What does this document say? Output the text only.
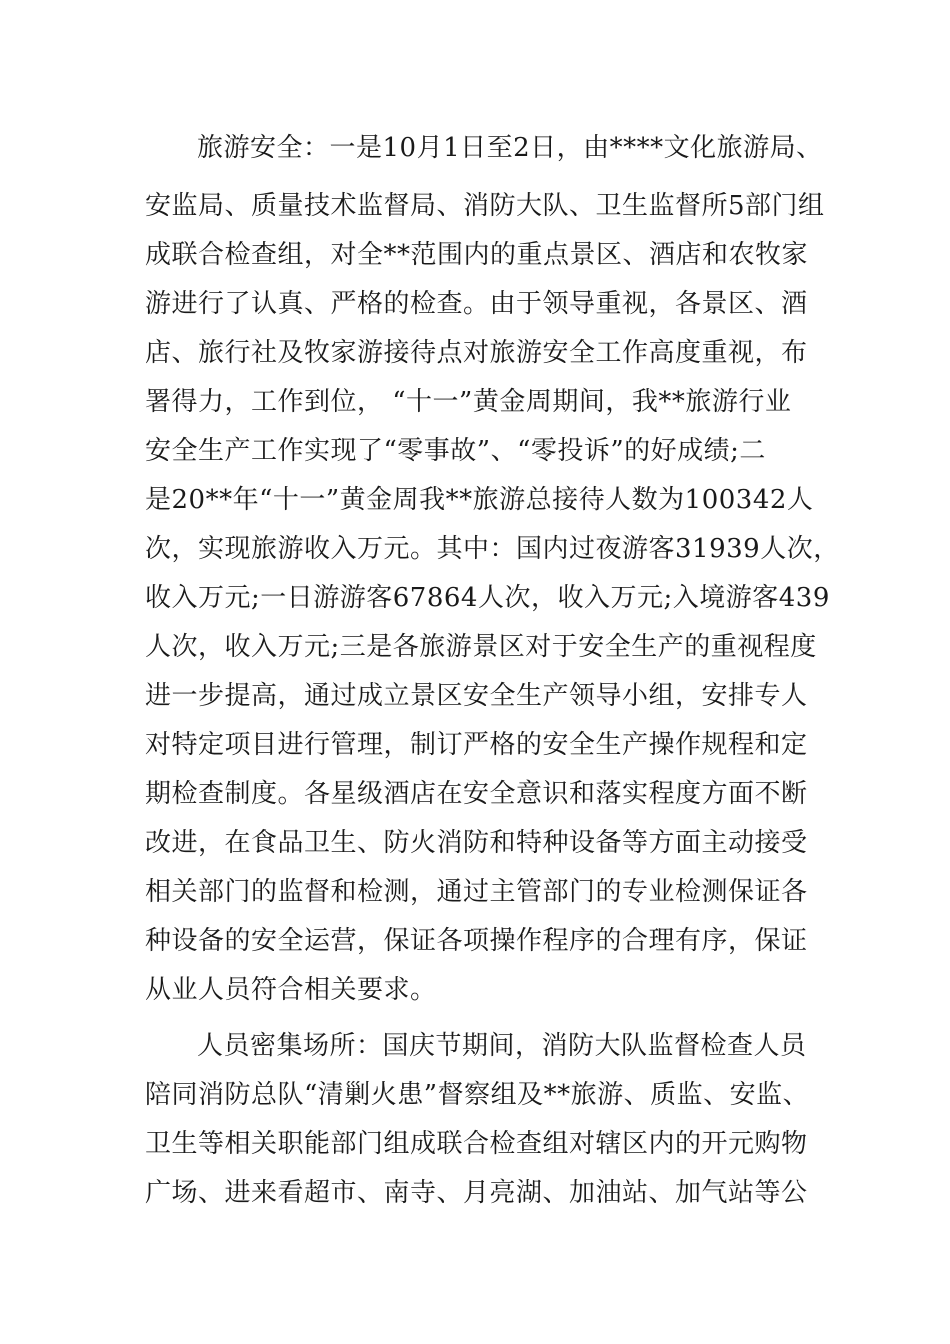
旅游安全：一是10月1日至2日，由****文化旅游局、
安监局、质量技术监督局、消防大队、卫生监督所5部门组
成联合检查组，对全**范围内的重点景区、酒店和农牧家
游进行了认真、严格的检查。由于领导重视，各景区、酒
店、旅行社及牧家游接待点对旅游安全工作高度重视，布
署得力，工作到位， “十一”黄金周期间，我**旅游行业
安全生产工作实现了“零事故”、“零投诉”的好成绩;二
是20**年“十一”黄金周我**旅游总接待人数为100342人
次，实现旅游收入万元。其中：国内过夜游客31939人次，
收入万元;一日游游客67864人次，收入万元;入境游客439
人次，收入万元;三是各旅游景区对于安全生产的重视程度
进一步提高，通过成立景区安全生产领导小组，安排专人
对特定项目进行管理，制订严格的安全生产操作规程和定
期检查制度。各星级酒店在安全意识和落实程度方面不断
改进，在食品卫生、防火消防和特种设备等方面主动接受
相关部门的监督和检测，通过主管部门的专业检测保证各
种设备的安全运营，保证各项操作程序的合理有序，保证
从业人员符合相关要求。
人员密集场所：国庆节期间，消防大队监督检查人员
陪同消防总队“清剿火患”督察组及**旅游、质监、安监、
卫生等相关职能部门组成联合检查组对辖区内的开元购物
广场、进来看超市、南寺、月亮湖、加油站、加气站等公
